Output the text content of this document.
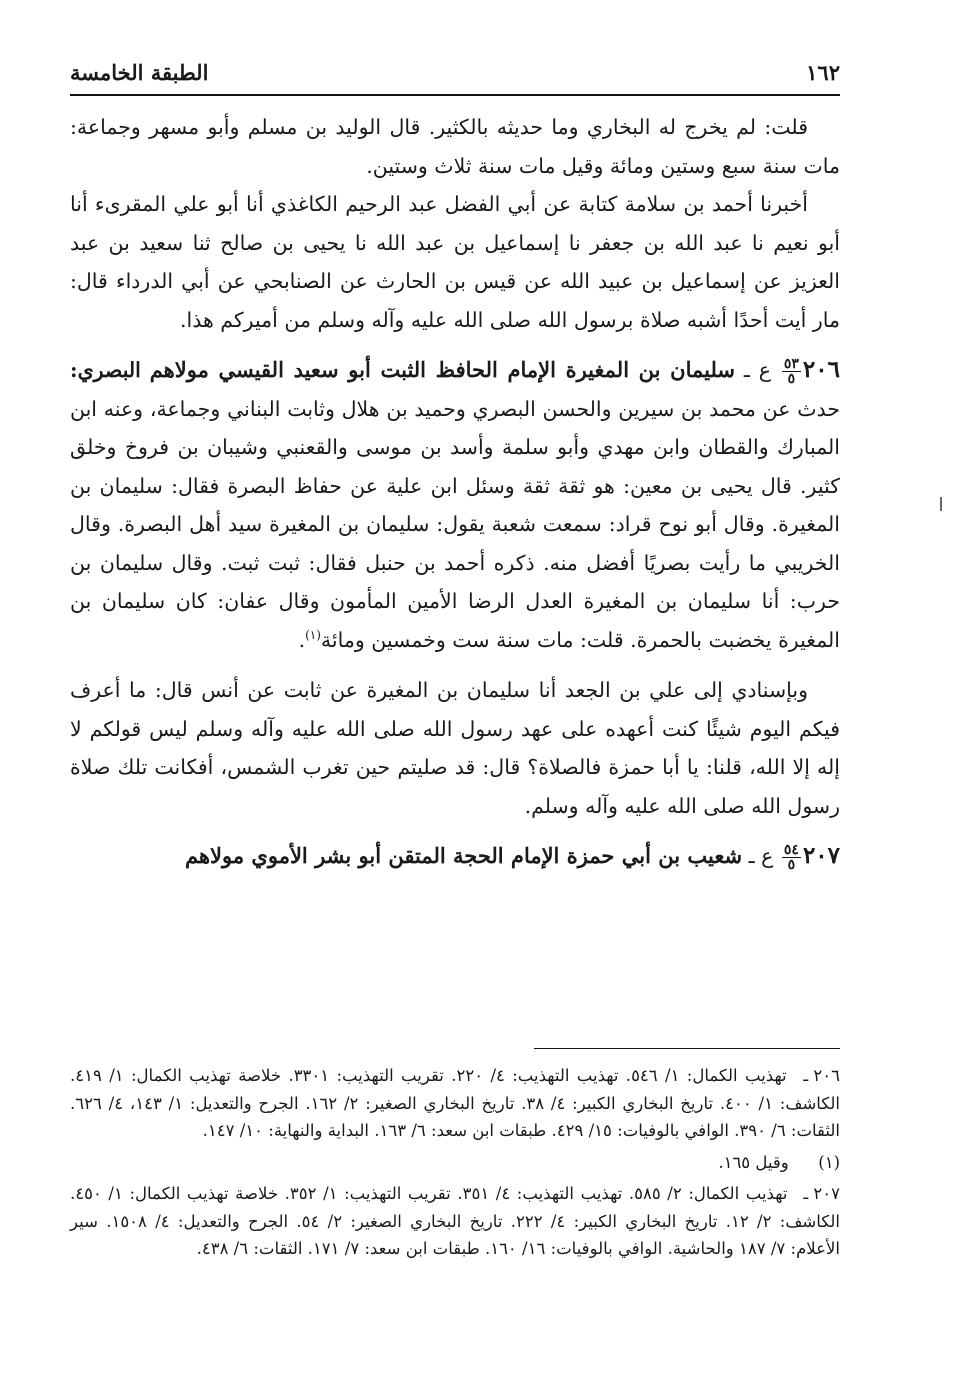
١٦٢
الطبقة الخامسة

قلت: لم يخرج له البخاري وما حديثه بالكثير. قال الوليد بن مسلم وأبو مسهر وجماعة: مات سنة سبع وستين ومائة وقيل مات سنة ثلاث وستين.

أخبرنا أحمد بن سلامة كتابة عن أبي الفضل عبد الرحيم الكاغذي أنا أبو علي المقرىء أنا أبو نعيم نا عبد الله بن جعفر نا إسماعيل بن عبد الله نا يحيى بن صالح ثنا سعيد بن عبد العزيز عن إسماعيل بن عبيد الله عن قيس بن الحارث عن الصنابحي عن أبي الدرداء قال: مار أيت أحدًا أشبه صلاة برسول الله صلى الله عليه وآله وسلم من أميركم هذا.

٢٠٦
$\frac{٥٣}{٥}$
ع ـ سليمان بن المغيرة الإمام الحافظ الثبت أبو سعيد القيسي مولاهم البصري: حدث عن محمد بن سيرين والحسن البصري وحميد بن هلال وثابت البناني وجماعة، وعنه ابن المبارك والقطان وابن مهدي وأبو سلمة وأسد بن موسى والقعنبي وشيبان بن فروخ وخلق كثير. قال يحيى بن معين: هو ثقة ثقة وسئل ابن علية عن حفاظ البصرة فقال: سليمان بن المغيرة. وقال أبو نوح قراد: سمعت شعبة يقول: سليمان بن المغيرة سيد أهل البصرة. وقال الخريبي ما رأيت بصريًا أفضل منه. ذكره أحمد بن حنبل فقال: ثبت ثبت. وقال سليمان بن حرب: أنا سليمان بن المغيرة العدل الرضا الأمين المأمون وقال عفان: كان سليمان بن المغيرة يخضبت بالحمرة. قلت: مات سنة ست وخمسين ومائة$^{(١)}$.

وبإسنادي إلى علي بن الجعد أنا سليمان بن المغيرة عن ثابت عن أنس قال: ما أعرف فيكم اليوم شيئًا كنت أعهده على عهد رسول الله صلى الله عليه وآله وسلم ليس قولكم لا إله إلا الله، قلنا: يا أبا حمزة فالصلاة؟ قال: قد صليتم حين تغرب الشمس، أفكانت تلك صلاة رسول الله صلى الله عليه وآله وسلم.

٢٠٧
$\frac{٥٤}{٥}$
ع ـ شعيب بن أبي حمزة الإمام الحجة المتقن أبو بشر الأموي مولاهم

٢٠٦ ـ تهذيب الكمال: ١/ ٥٤٦. تهذيب التهذيب: ٤/ ٢٢٠. تقريب التهذيب: ٣٣٠١. خلاصة تهذيب الكمال: ١/ ٤١٩. الكاشف: ١/ ٤٠٠. تاريخ البخاري الكبير: ٤/ ٣٨. تاريخ البخاري الصغير: ٢/ ١٦٢. الجرح والتعديل: ١/ ١٤٣، ٤/ ٦٢٦. الثقات: ٦/ ٣٩٠. الوافي بالوفيات: ١٥/ ٤٢٩. طبقات ابن سعد: ٦/ ١٦٣. البداية والنهاية: ١٠/ ١٤٧.

(١) وقيل ١٦٥.

٢٠٧ ـ تهذيب الكمال: ٢/ ٥٨٥. تهذيب التهذيب: ٤/ ٣٥١. تقريب التهذيب: ١/ ٣٥٢. خلاصة تهذيب الكمال: ١/ ٤٥٠. الكاشف: ٢/ ١٢. تاريخ البخاري الكبير: ٤/ ٢٢٢. تاريخ البخاري الصغير: ٢/ ٥٤. الجرح والتعديل: ٤/ ١٥٠٨. سير الأعلام: ٧/ ١٨٧ والحاشية. الوافي بالوفيات: ١٦/ ١٦٠. طبقات ابن سعد: ٧/ ١٧١. الثقات: ٦/ ٤٣٨.
